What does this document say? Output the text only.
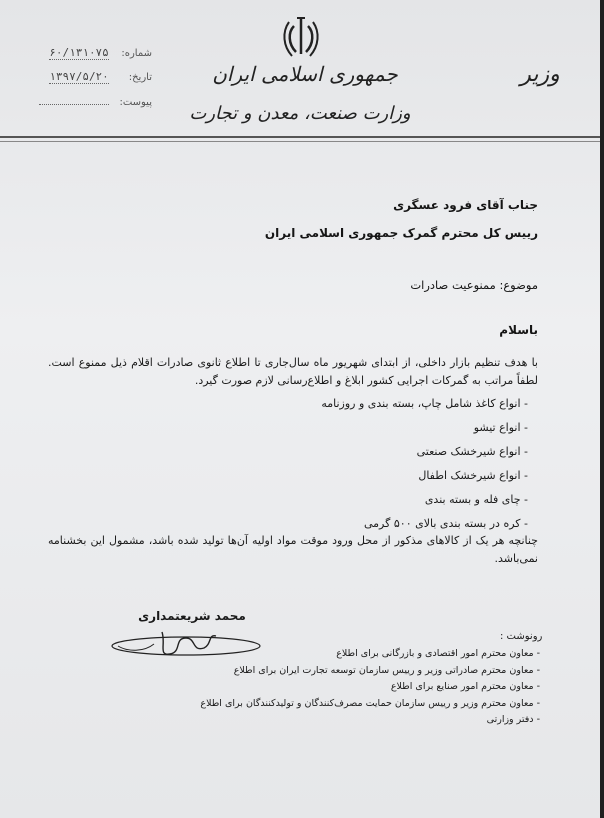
جمهوری اسلامی ایران
وزارت صنعت، معدن و تجارت
وزیر
شماره: ۶۰/۱۳۱۰۷۵
تاریخ: ۱۳۹۷/۵/۲۰
پیوست:
جناب آقای فرود عسگری
رییس کل محترم گمرک جمهوری اسلامی ایران
موضوع: ممنوعیت صادرات
باسلام
با هدف تنظیم بازار داخلی، از ابتدای شهریور ماه سال‌جاری تا اطلاع ثانوی صادرات اقلام ذیل ممنوع است. لطفاً مراتب به گمرکات اجرایی کشور ابلاغ و اطلاع‌رسانی لازم صورت گیرد.
- انواع کاغذ شامل چاپ، بسته بندی و روزنامه
- انواع تیشو
- انواع شیرخشک صنعتی
- انواع شیرخشک اطفال
- چای فله و بسته بندی
- کره در بسته بندی بالای ۵۰۰ گرمی
چنانچه هر یک از کالاهای مذکور از محل ورود موقت مواد اولیه آن‌ها تولید شده باشد، مشمول این بخشنامه نمی‌باشد.
محمد شریعتمداری
رونوشت :
- معاون محترم امور اقتصادی و بازرگانی برای اطلاع
- معاون محترم صادراتی وزیر و رییس سازمان توسعه تجارت ایران برای اطلاع
- معاون محترم امور صنایع برای اطلاع
- معاون محترم وزیر و رییس سازمان حمایت مصرف‌کنندگان و تولیدکنندگان برای اطلاع
- دفتر وزارتی
